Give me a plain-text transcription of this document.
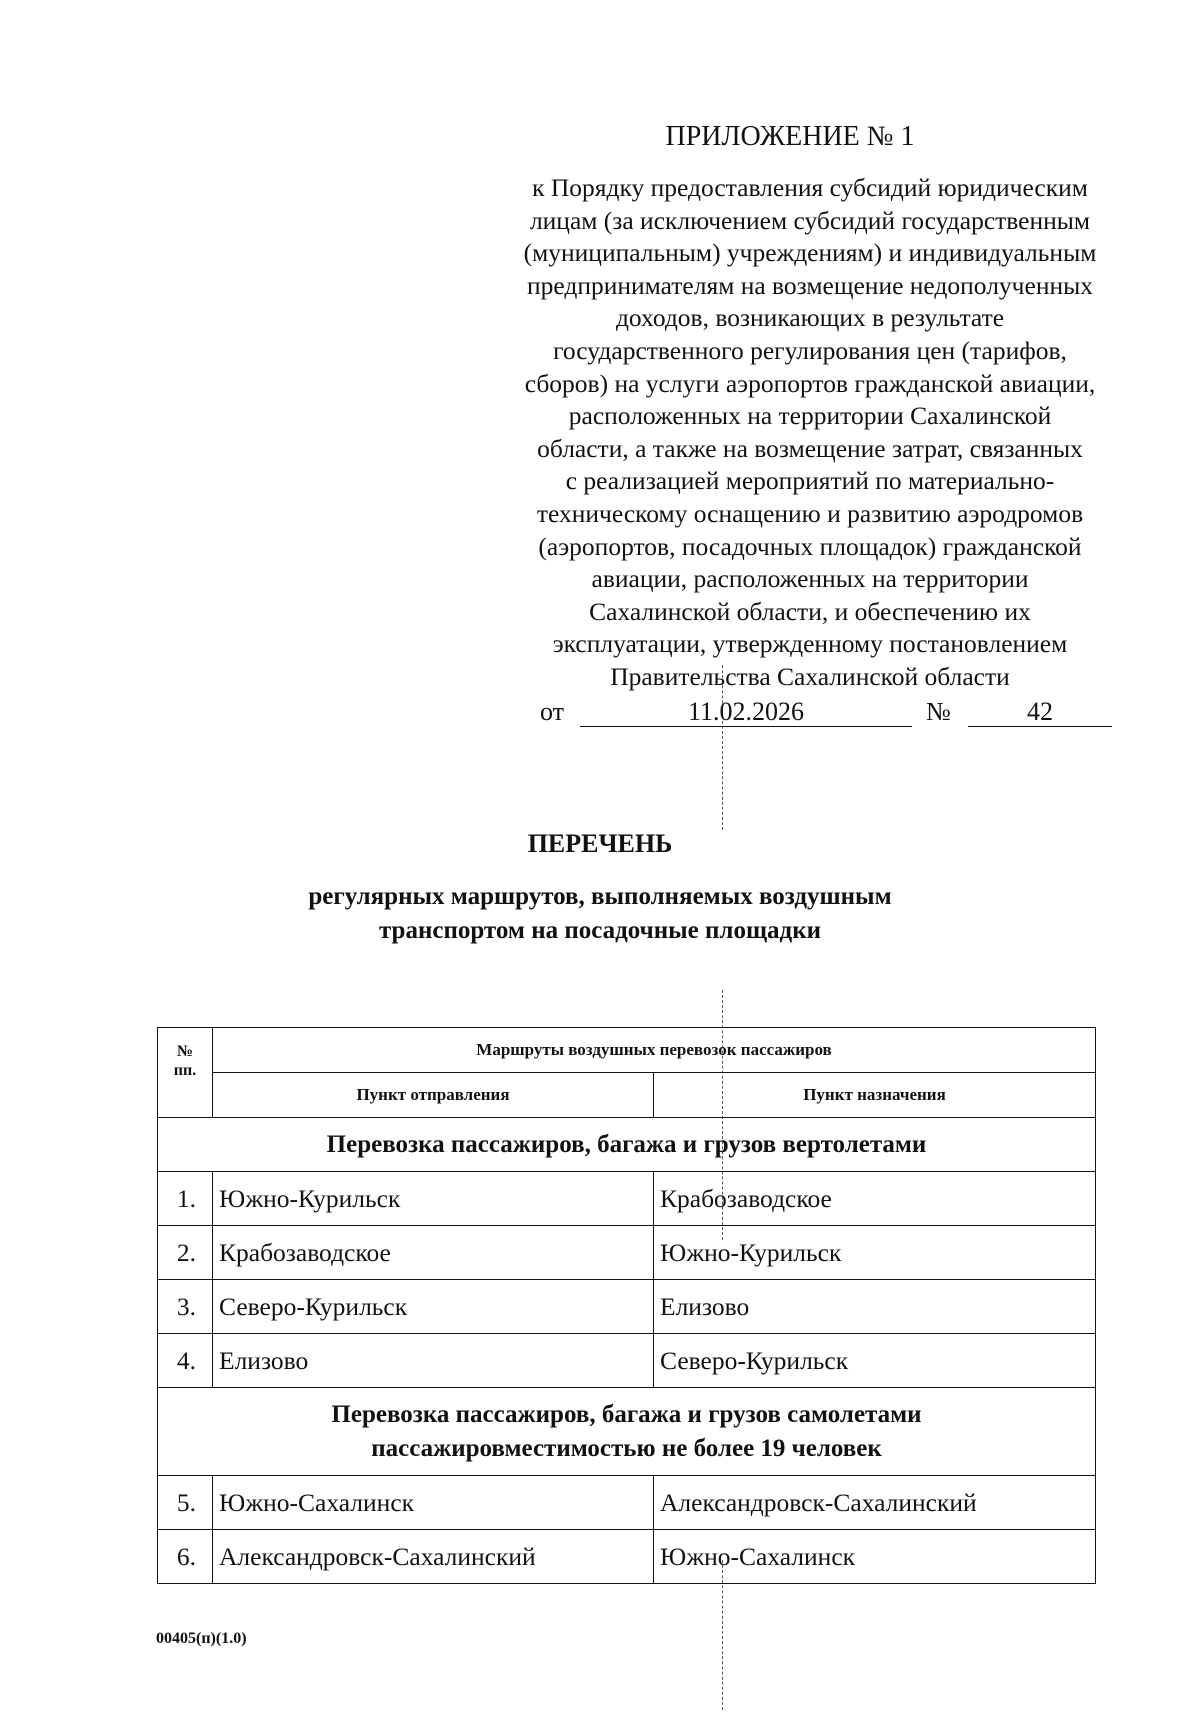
ПРИЛОЖЕНИЕ № 1
к Порядку предоставления субсидий юридическим
лицам (за исключением субсидий государственным
(муниципальным) учреждениям) и индивидуальным
предпринимателям на возмещение недополученных
доходов, возникающих в результате
государственного регулирования цен (тарифов,
сборов) на услуги аэропортов гражданской авиации,
расположенных на территории Сахалинской
области, а также на возмещение затрат, связанных
с реализацией мероприятий по материально-
техническому оснащению и развитию аэродромов
(аэропортов, посадочных площадок) гражданской
авиации, расположенных на территории
Сахалинской области, и обеспечению их
эксплуатации, утвержденному постановлением
Правительства Сахалинской области
от	11.02.2026	№	42
ПЕРЕЧЕНЬ
регулярных маршрутов, выполняемых воздушным
транспортом на посадочные площадки
№
пп.	Маршруты воздушных перевозок пассажиров	
	Пункт отправления	Пункт назначения
Перевозка пассажиров, багажа и грузов вертолетами		
1.	Южно-Курильск	Крабозаводское
2.	Крабозаводское	Южно-Курильск
3.	Северо-Курильск	Елизово
4.	Елизово	Северо-Курильск
Перевозка пассажиров, багажа и грузов самолетами
пассажировместимостью не более 19 человек		
5.	Южно-Сахалинск	Александровск-Сахалинский
6.	Александровск-Сахалинский	Южно-Сахалинск
00405(п)(1.0)
